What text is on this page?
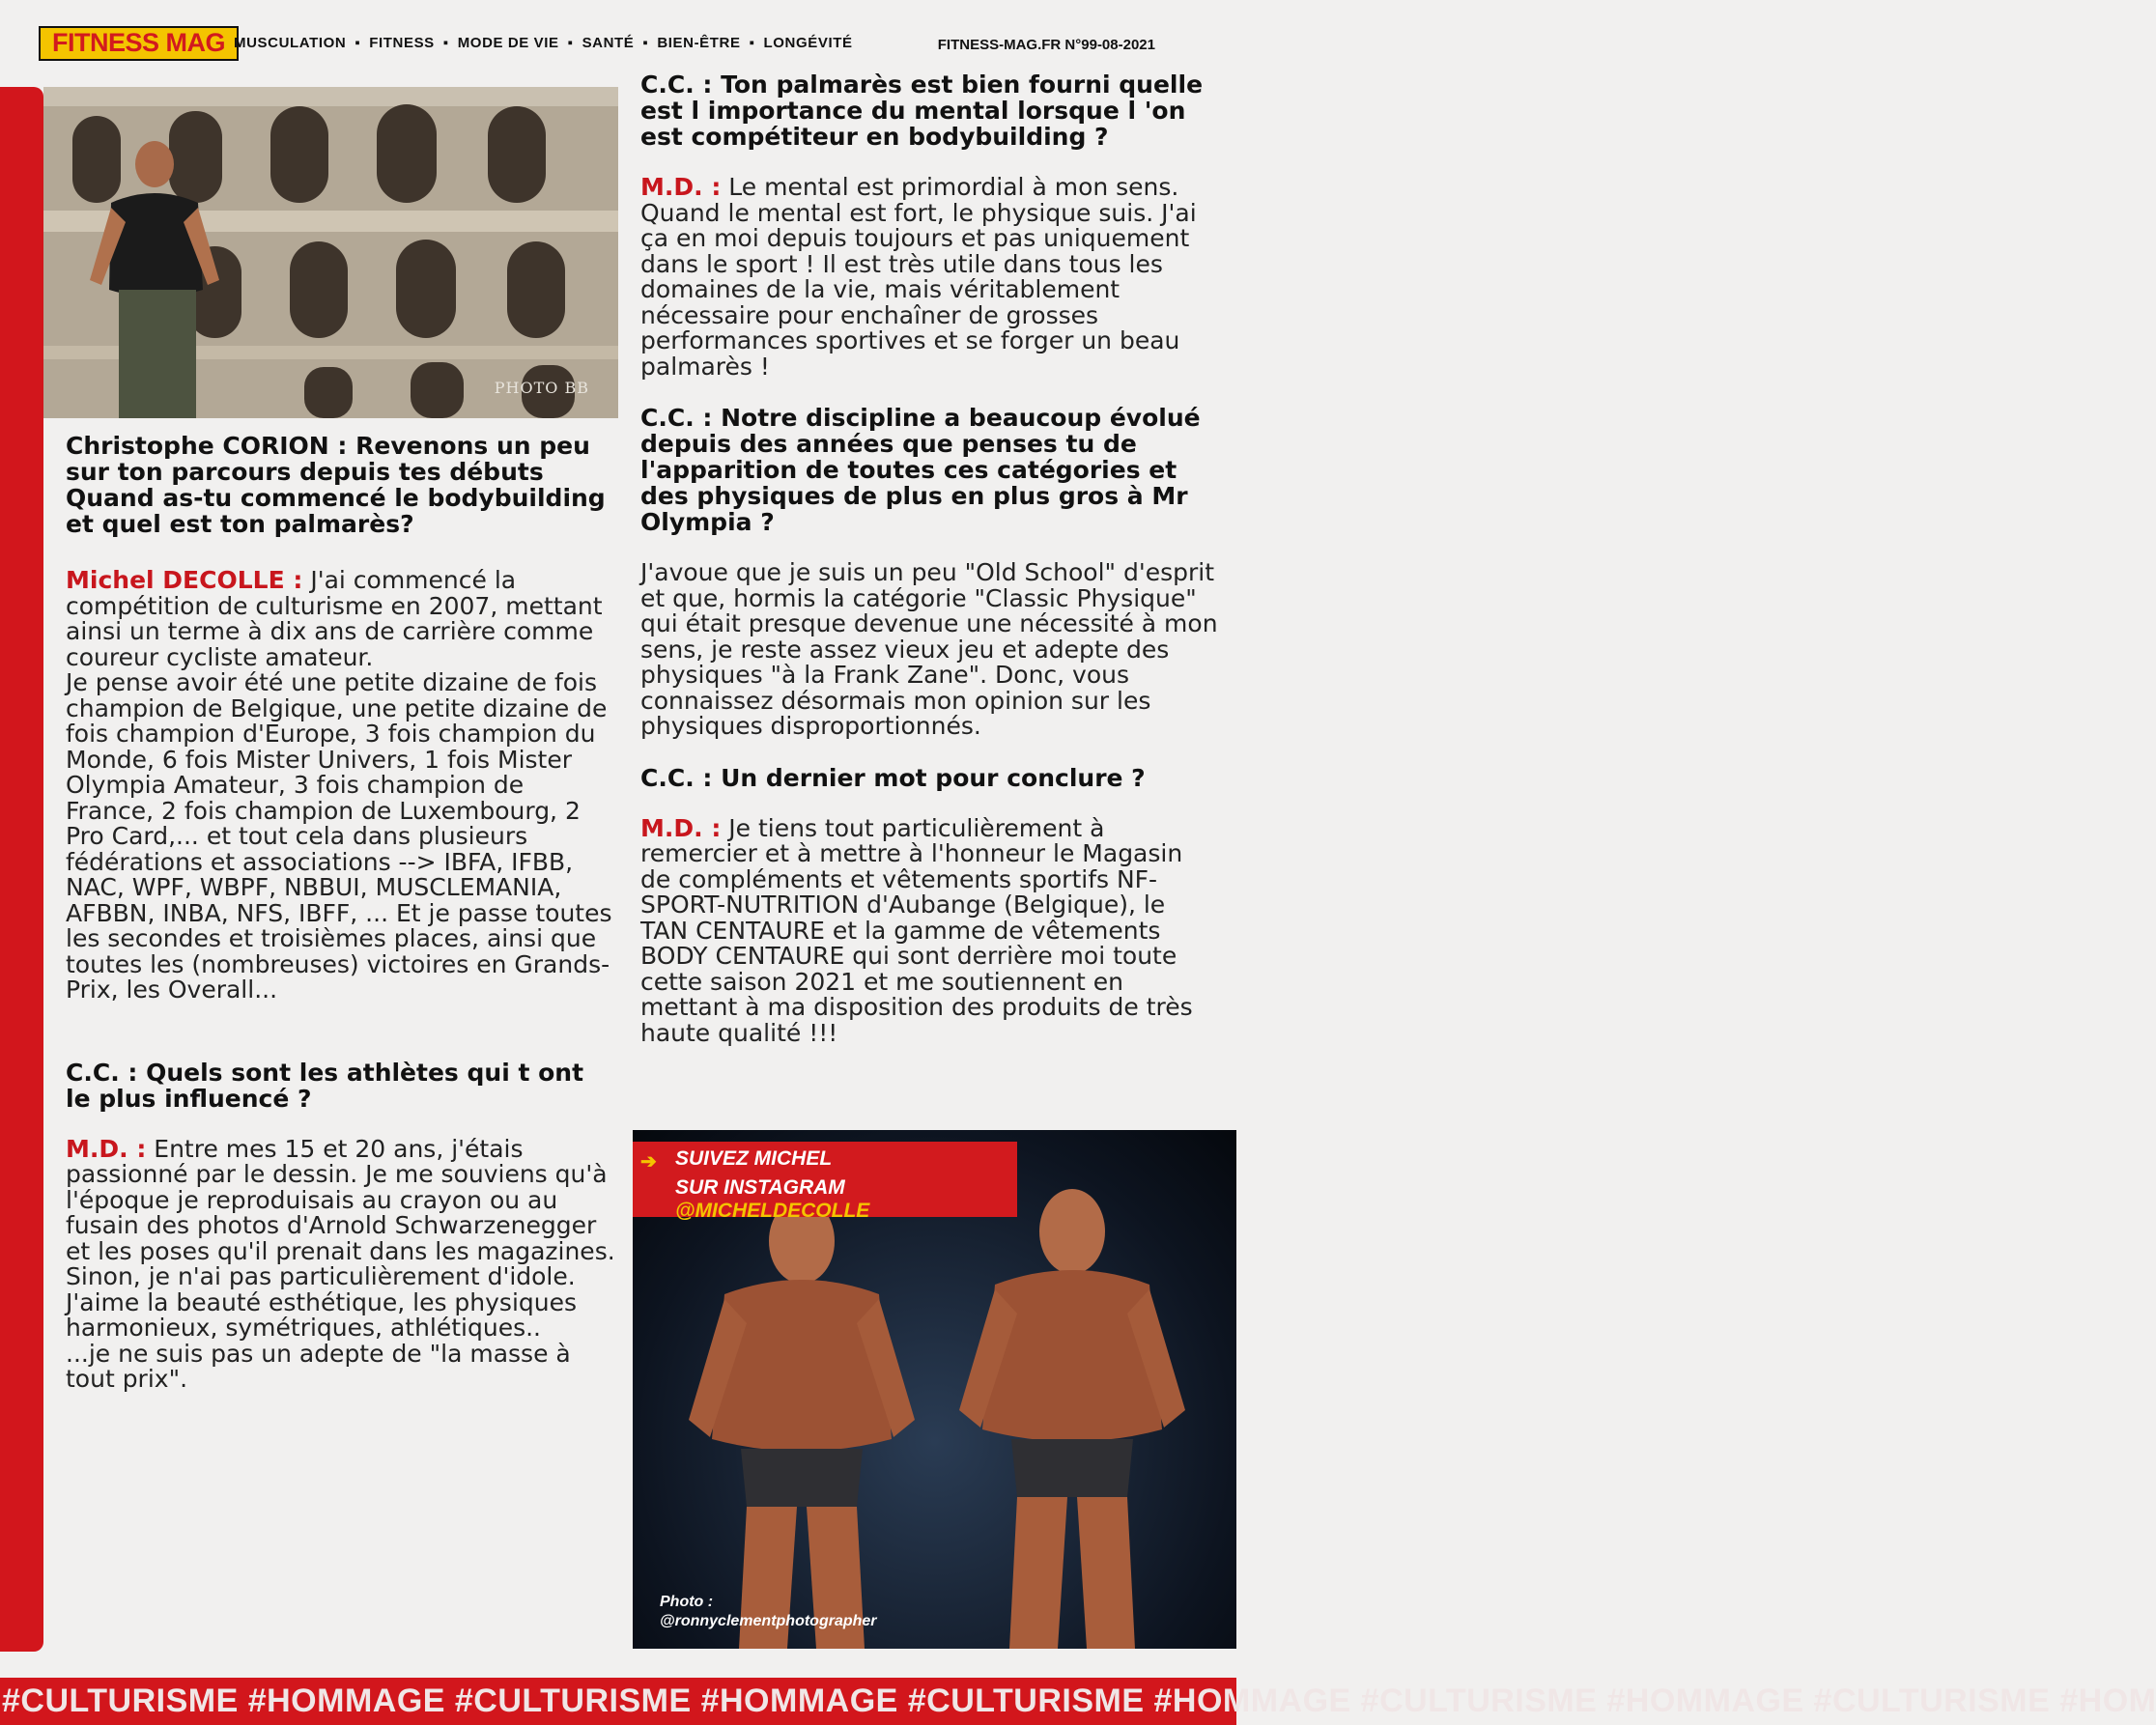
FITNESS MAG MUSCULATION ▪ FITNESS ▪ MODE DE VIE ▪ SANTÉ ▪ BIEN-ÊTRE ▪ LONGÉVITÉ	FITNESS-MAG.FR N°99-08-2021
PHOTO BB
Christophe CORION : Revenons un peu sur ton parcours depuis tes débuts
Quand as-tu commencé le bodybuilding et quel est ton palmarès?

Michel DECOLLE : J'ai commencé la compétition de culturisme en 2007, mettant ainsi un terme à dix ans de carrière comme coureur cycliste amateur.
Je pense avoir été une petite dizaine de fois champion de Belgique, une petite dizaine de fois champion d'Europe, 3 fois champion du Monde, 6 fois Mister Univers, 1 fois Mister Olympia Amateur, 3 fois champion de France, 2 fois champion de Luxembourg, 2 Pro Card,... et tout cela dans plusieurs fédérations et associations --> IBFA, IFBB, NAC, WPF, WBPF, NBBUI, MUSCLEMANIA, AFBBN, INBA, NFS, IBFF, ... Et je passe toutes les secondes et troisièmes places, ainsi que toutes les (nombreuses) victoires en Grands-Prix, les Overall...

C.C. : Quels sont les athlètes qui t ont le plus influencé ?

M.D. : Entre mes 15 et 20 ans, j'étais passionné par le dessin. Je me souviens qu'à l'époque je reproduisais au crayon ou au fusain des photos d'Arnold Schwarzenegger et les poses qu'il prenait dans les magazines. Sinon, je n'ai pas particulièrement d'idole. J'aime la beauté esthétique, les physiques harmonieux, symétriques, athlétiques..
...je ne suis pas un adepte de "la masse à tout prix".

C.C. : Ton palmarès est bien fourni quelle est l importance du mental lorsque l 'on est compétiteur en bodybuilding ?

M.D. : Le mental est primordial à mon sens. Quand le mental est fort, le physique suis. J'ai ça en moi depuis toujours et pas uniquement dans le sport ! Il est très utile dans tous les domaines de la vie, mais véritablement nécessaire pour enchaîner de grosses performances sportives et se forger un beau palmarès !

C.C. : Notre discipline a beaucoup évolué depuis des années que penses tu de l'apparition de toutes ces catégories et des physiques de plus en plus gros à Mr Olympia ?

J'avoue que je suis un peu "Old School" d'esprit et que, hormis la catégorie "Classic Physique" qui était presque devenue une nécessité à mon sens, je reste assez vieux jeu et adepte des physiques "à la Frank Zane". Donc, vous connaissez désormais mon opinion sur les physiques disproportionnés.

C.C. : Un dernier mot pour conclure ?

M.D. : Je tiens tout particulièrement à remercier et à mettre à l'honneur le Magasin de compléments et vêtements sportifs NF-SPORT-NUTRITION d'Aubange (Belgique), le TAN CENTAURE et la gamme de vêtements BODY CENTAURE qui sont derrière moi toute cette saison 2021 et me soutiennent en mettant à ma disposition des produits de très haute qualité !!!

➔ SUIVEZ MICHEL
SUR INSTAGRAM @MICHELDECOLLE
Photo :
@ronnyclementphotographer
#CULTURISME #HOMMAGE #CULTURISME #HOMMAGE #CULTURISME #HOMMAGE #CULTURISME #HOMMAGE #CULTURISME #HOM
